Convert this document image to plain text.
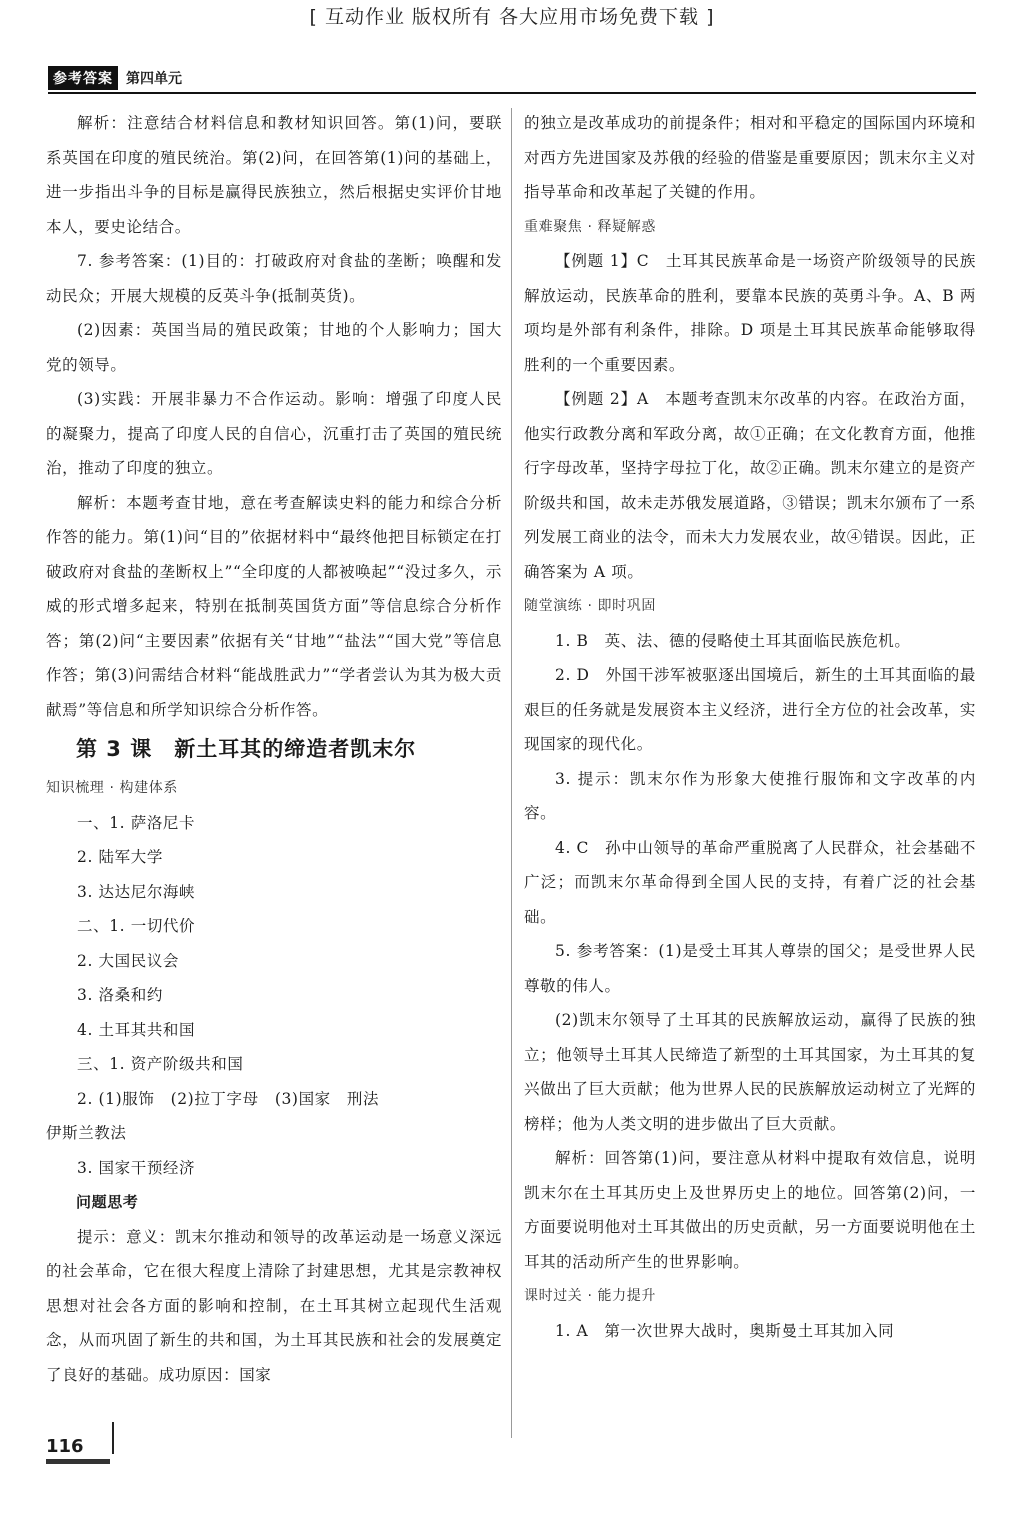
[ 互动作业 版权所有 各大应用市场免费下载 ]
参考答案 第四单元

解析：注意结合材料信息和教材知识回答。第(1)问，要联系英国在印度的殖民统治。第(2)问，在回答第(1)问的基础上，进一步指出斗争的目标是赢得民族独立，然后根据史实评价甘地本人，要史论结合。

7. 参考答案：(1)目的：打破政府对食盐的垄断；唤醒和发动民众；开展大规模的反英斗争(抵制英货)。

(2)因素：英国当局的殖民政策；甘地的个人影响力；国大党的领导。

(3)实践：开展非暴力不合作运动。影响：增强了印度人民的凝聚力，提高了印度人民的自信心，沉重打击了英国的殖民统治，推动了印度的独立。

解析：本题考查甘地，意在考查解读史料的能力和综合分析作答的能力。第(1)问“目的”依据材料中“最终他把目标锁定在打破政府对食盐的垄断权上”“全印度的人都被唤起”“没过多久，示威的形式增多起来，特别在抵制英国货方面”等信息综合分析作答；第(2)问“主要因素”依据有关“甘地”“盐法”“国大党”等信息作答；第(3)问需结合材料“能战胜武力”“学者尝认为其为极大贡献焉”等信息和所学知识综合分析作答。

第 3 课　新土耳其的缔造者凯末尔

知识梳理 · 构建体系

一、1. 萨洛尼卡

2. 陆军大学

3. 达达尼尔海峡

二、1. 一切代价

2. 大国民议会

3. 洛桑和约

4. 土耳其共和国

三、1. 资产阶级共和国

2. (1)服饰　(2)拉丁字母　(3)国家　刑法

伊斯兰教法

3. 国家干预经济

问题思考

提示：意义：凯末尔推动和领导的改革运动是一场意义深远的社会革命，它在很大程度上清除了封建思想，尤其是宗教神权思想对社会各方面的影响和控制，在土耳其树立起现代生活观念，从而巩固了新生的共和国，为土耳其民族和社会的发展奠定了良好的基础。成功原因：国家

的独立是改革成功的前提条件；相对和平稳定的国际国内环境和对西方先进国家及苏俄的经验的借鉴是重要原因；凯末尔主义对指导革命和改革起了关键的作用。

重难聚焦 · 释疑解惑

【例题 1】C　土耳其民族革命是一场资产阶级领导的民族解放运动，民族革命的胜利，要靠本民族的英勇斗争。A、B 两项均是外部有利条件，排除。D 项是土耳其民族革命能够取得胜利的一个重要因素。

【例题 2】A　本题考查凯末尔改革的内容。在政治方面，他实行政教分离和军政分离，故①正确；在文化教育方面，他推行字母改革，坚持字母拉丁化，故②正确。凯末尔建立的是资产阶级共和国，故未走苏俄发展道路，③错误；凯末尔颁布了一系列发展工商业的法令，而未大力发展农业，故④错误。因此，正确答案为 A 项。

随堂演练 · 即时巩固

1. B　英、法、德的侵略使土耳其面临民族危机。

2. D　外国干涉军被驱逐出国境后，新生的土耳其面临的最艰巨的任务就是发展资本主义经济，进行全方位的社会改革，实现国家的现代化。

3. 提示：凯末尔作为形象大使推行服饰和文字改革的内容。

4. C　孙中山领导的革命严重脱离了人民群众，社会基础不广泛；而凯末尔革命得到全国人民的支持，有着广泛的社会基础。

5. 参考答案：(1)是受土耳其人尊崇的国父；是受世界人民尊敬的伟人。

(2)凯末尔领导了土耳其的民族解放运动，赢得了民族的独立；他领导土耳其人民缔造了新型的土耳其国家，为土耳其的复兴做出了巨大贡献；他为世界人民的民族解放运动树立了光辉的榜样；他为人类文明的进步做出了巨大贡献。

解析：回答第(1)问，要注意从材料中提取有效信息，说明凯末尔在土耳其历史上及世界历史上的地位。回答第(2)问，一方面要说明他对土耳其做出的历史贡献，另一方面要说明他在土耳其的活动所产生的世界影响。

课时过关 · 能力提升

1. A　第一次世界大战时，奥斯曼土耳其加入同

116
